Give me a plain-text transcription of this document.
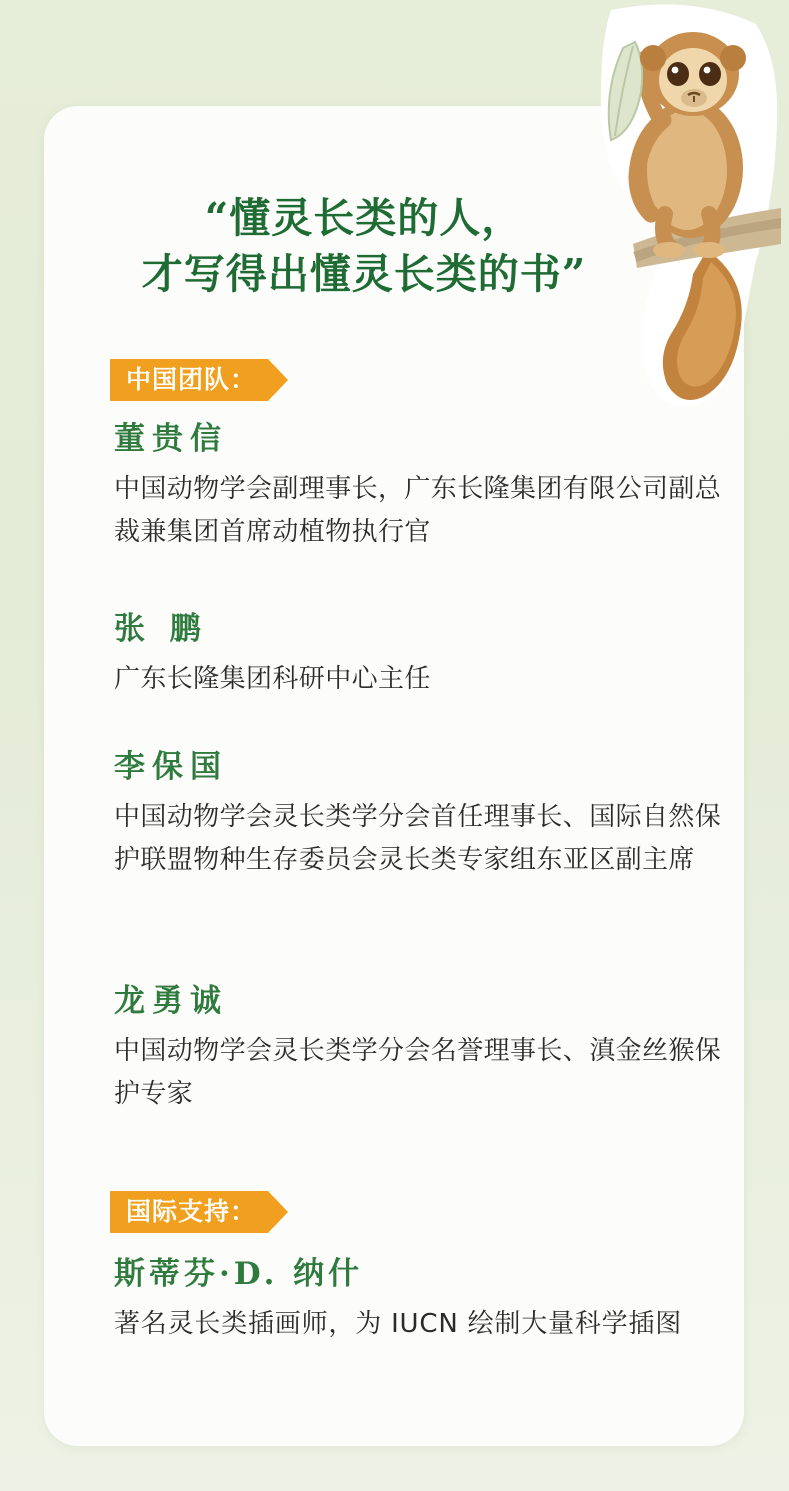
“懂灵长类的人，
才写得出懂灵长类的书”
中国团队：
董贵信
中国动物学会副理事长，广东长隆集团有限公司副总裁兼集团首席动植物执行官
张 鹏
广东长隆集团科研中心主任
李保国
中国动物学会灵长类学分会首任理事长、国际自然保护联盟物种生存委员会灵长类专家组东亚区副主席
龙勇诚
中国动物学会灵长类学分会名誉理事长、滇金丝猴保护专家
国际支持：
斯蒂芬·D. 纳什
著名灵长类插画师，为 IUCN 绘制大量科学插图
